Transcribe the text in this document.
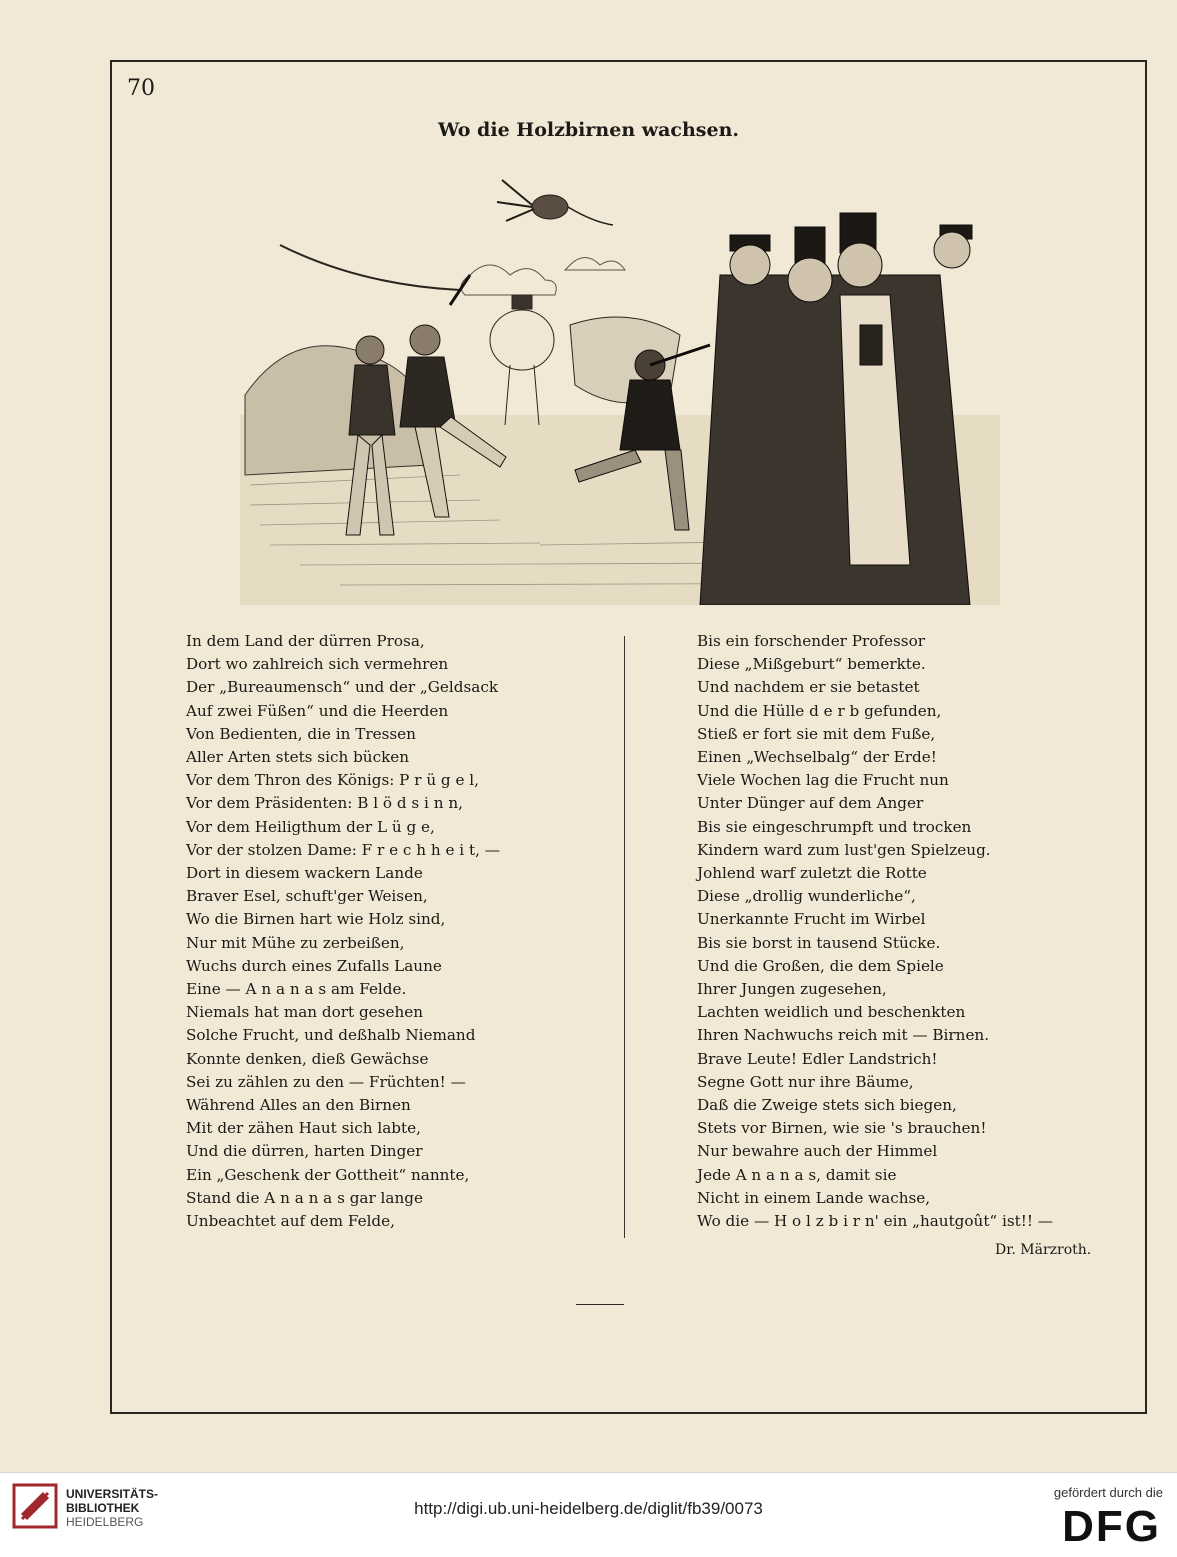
70
Wo die Holzbirnen wachsen.
In dem Land der dürren Prosa,
Dort wo zahlreich sich vermehren
Der „Bureaumensch“ und der „Geldsack
Auf zwei Füßen“ und die Heerden
Von Bedienten, die in Tressen
Aller Arten stets sich bücken
Vor dem Thron des Königs: P r ü g e l,
Vor dem Präsidenten: B l ö d s i n n,
Vor dem Heiligthum der L ü g e,
Vor der stolzen Dame: F r e c h h e i t, —
Dort in diesem wackern Lande
Braver Esel, schuft'ger Weisen,
Wo die Birnen hart wie Holz sind,
Nur mit Mühe zu zerbeißen,
Wuchs durch eines Zufalls Laune
Eine — A n a n a s am Felde.
Niemals hat man dort gesehen
Solche Frucht, und deßhalb Niemand
Konnte denken, dieß Gewächse
Sei zu zählen zu den — Früchten! —
Während Alles an den Birnen
Mit der zähen Haut sich labte,
Und die dürren, harten Dinger
Ein „Geschenk der Gottheit“ nannte,
Stand die A n a n a s gar lange
Unbeachtet auf dem Felde,
Bis ein forschender Professor
Diese „Mißgeburt“ bemerkte.
Und nachdem er sie betastet
Und die Hülle d e r b gefunden,
Stieß er fort sie mit dem Fuße,
Einen „Wechselbalg“ der Erde!
Viele Wochen lag die Frucht nun
Unter Dünger auf dem Anger
Bis sie eingeschrumpft und trocken
Kindern ward zum lust'gen Spielzeug.
Johlend warf zuletzt die Rotte
Diese „drollig wunderliche“,
Unerkannte Frucht im Wirbel
Bis sie borst in tausend Stücke.
Und die Großen, die dem Spiele
Ihrer Jungen zugesehen,
Lachten weidlich und beschenkten
Ihren Nachwuchs reich mit — Birnen.
Brave Leute! Edler Landstrich!
Segne Gott nur ihre Bäume,
Daß die Zweige stets sich biegen,
Stets vor Birnen, wie sie 's brauchen!
Nur bewahre auch der Himmel
Jede A n a n a s, damit sie
Nicht in einem Lande wachse,
Wo die — H o l z b i r n' ein „hautgoût“ ist!! —
Dr. Märzroth.
UNIVERSITÄTS-
BIBLIOTHEK
HEIDELBERG
http://digi.ub.uni-heidelberg.de/diglit/fb39/0073
gefördert durch die
DFG
